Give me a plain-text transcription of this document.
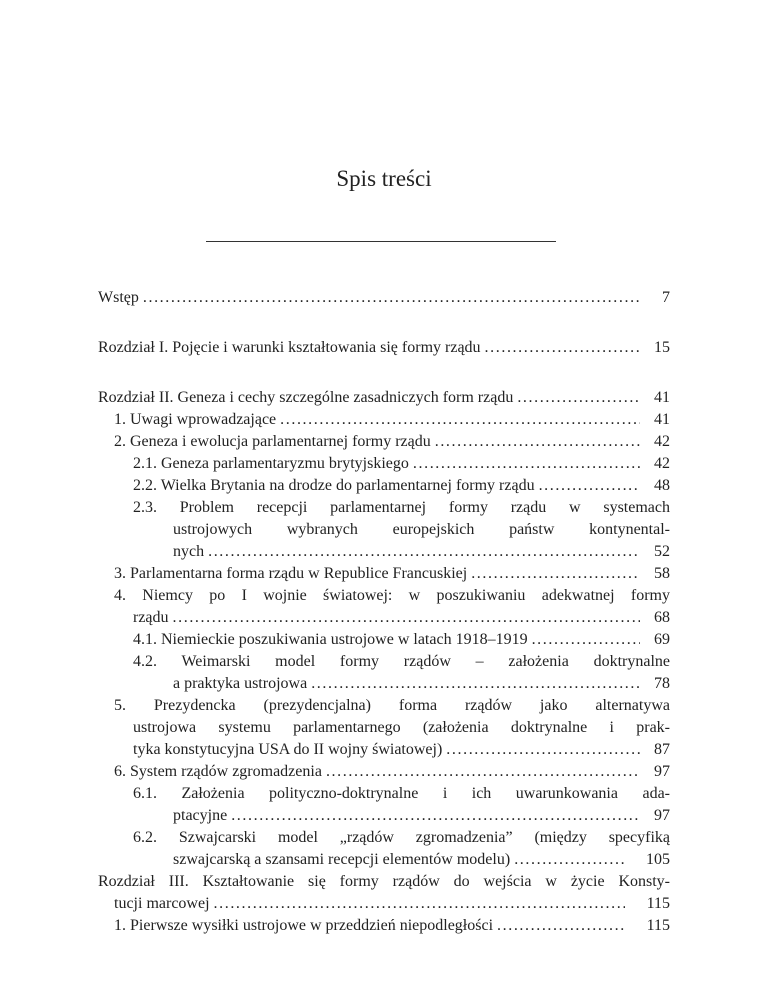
Spis treści
Wstęp . . .	7
Rozdział I. Pojęcie i warunki kształtowania się formy rządu . . .	15
Rozdział II. Geneza i cechy szczególne zasadniczych form rządu . . .	41
1. Uwagi wprowadzające . . .	41
2. Geneza i ewolucja parlamentarnej formy rządu . . .	42
2.1. Geneza parlamentaryzmu brytyjskiego . . .	42
2.2. Wielka Brytania na drodze do parlamentarnej formy rządu . . .	48
2.3. Problem recepcji parlamentarnej formy rządu w systemach
ustrojowych wybranych europejskich państw kontynental-
nych . . .	52
3. Parlamentarna forma rządu w Republice Francuskiej . . .	58
4. Niemcy po I wojnie światowej: w poszukiwaniu adekwatnej formy
rządu . . .	68
4.1. Niemieckie poszukiwania ustrojowe w latach 1918–1919 . . .	69
4.2. Weimarski model formy rządów – założenia doktrynalne
a praktyka ustrojowa . . .	78
5. Prezydencka (prezydencjalna) forma rządów jako alternatywa
ustrojowa systemu parlamentarnego (założenia doktrynalne i prak-
tyka konstytucyjna USA do II wojny światowej) . . .	87
6. System rządów zgromadzenia . . .	97
6.1. Założenia polityczno-doktrynalne i ich uwarunkowania ada-
ptacyjne . . .	97
6.2. Szwajcarski model „rządów zgromadzenia” (między specyfiką
szwajcarską a szansami recepcji elementów modelu) . . .	105
Rozdział III. Kształtowanie się formy rządów do wejścia w życie Konsty-
tucji marcowej . . .	115
1. Pierwsze wysiłki ustrojowe w przeddzień niepodległości . . .	115
